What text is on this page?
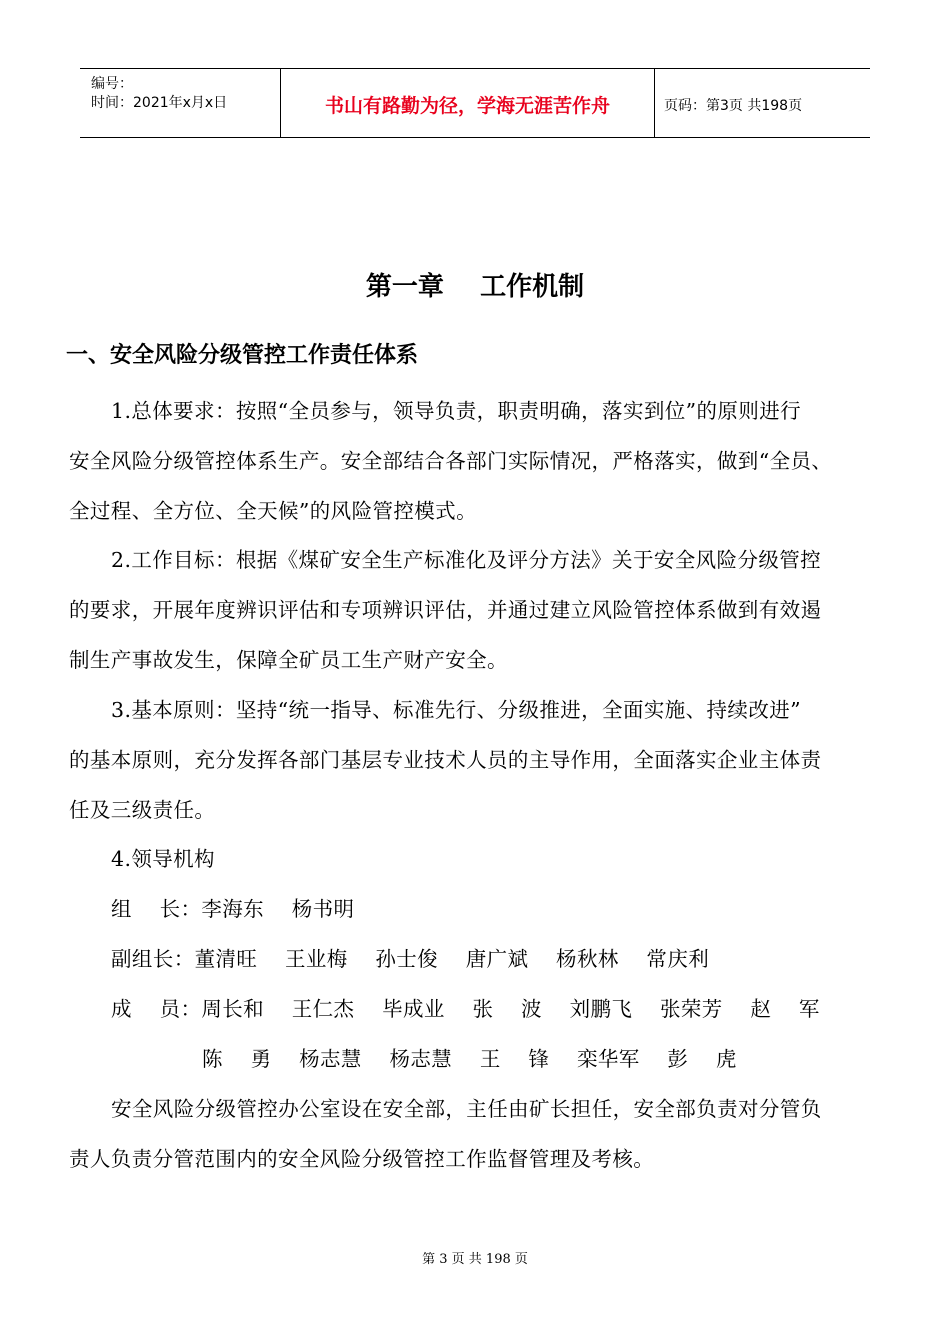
编号：
时间：2021年x月x日	书山有路勤为径，学海无涯苦作舟	页码：第3页 共198页
第一章    工作机制
一、安全风险分级管控工作责任体系
1.总体要求：按照“全员参与，领导负责，职责明确，落实到位”的原则进行
安全风险分级管控体系生产。安全部结合各部门实际情况，严格落实，做到“全员、
全过程、全方位、全天候”的风险管控模式。
2.工作目标：根据《煤矿安全生产标准化及评分方法》关于安全风险分级管控
的要求，开展年度辨识评估和专项辨识评估，并通过建立风险管控体系做到有效遏
制生产事故发生，保障全矿员工生产财产安全。
3.基本原则：坚持“统一指导、标准先行、分级推进，全面实施、持续改进”
的基本原则，充分发挥各部门基层专业技术人员的主导作用，全面落实企业主体责
任及三级责任。
4.领导机构
组    长：李海东    杨书明
副组长：董清旺    王业梅    孙士俊    唐广斌    杨秋林    常庆利
成    员：周长和    王仁杰    毕成业    张    波    刘鹏飞    张荣芳    赵    军
陈    勇    杨志慧    杨志慧    王    锋    栾华军    彭    虎
安全风险分级管控办公室设在安全部，主任由矿长担任，安全部负责对分管负
责人负责分管范围内的安全风险分级管控工作监督管理及考核。
第 3 页 共 198 页
